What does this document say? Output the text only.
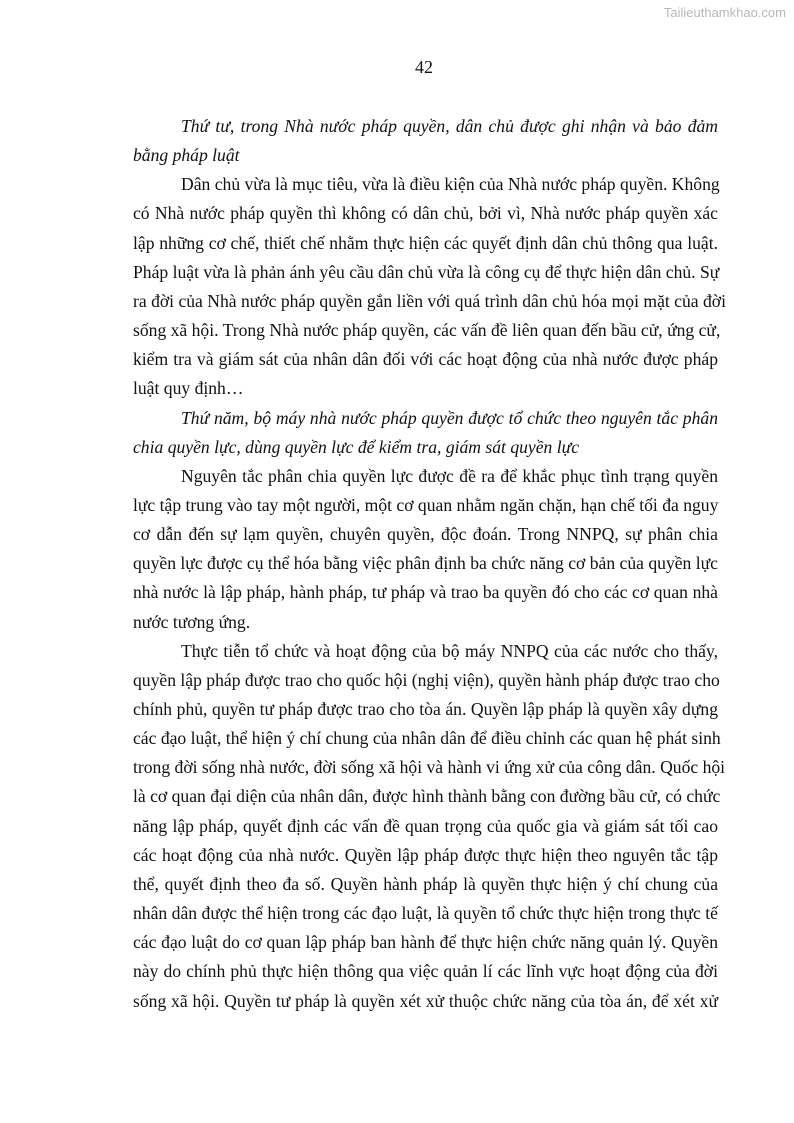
Tailieuthamkhao.com
42
Thứ tư, trong Nhà nước pháp quyền, dân chủ được ghi nhận và bảo đảm
bằng pháp luật
Dân chủ vừa là mục tiêu, vừa là điều kiện của Nhà nước pháp quyền. Không
có Nhà nước pháp quyền thì không có dân chủ, bởi vì, Nhà nước pháp quyền xác
lập những cơ chế, thiết chế nhằm thực hiện các quyết định dân chủ thông qua luật.
Pháp luật vừa là phản ánh yêu cầu dân chủ vừa là công cụ để thực hiện dân chủ. Sự
ra đời của Nhà nước pháp quyền gắn liền với quá trình dân chủ hóa mọi mặt của đời
sống xã hội. Trong Nhà nước pháp quyền, các vấn đề liên quan đến bầu cử, ứng cử,
kiểm tra và giám sát của nhân dân đối với các hoạt động của nhà nước được pháp
luật quy định…
Thứ năm, bộ máy nhà nước pháp quyền được tổ chức theo nguyên tắc phân
chia quyền lực, dùng quyền lực để kiểm tra, giám sát quyền lực
Nguyên tắc phân chia quyền lực được đề ra để khắc phục tình trạng quyền
lực tập trung vào tay một người, một cơ quan nhằm ngăn chặn, hạn chế tối đa nguy
cơ dẫn đến sự lạm quyền, chuyên quyền, độc đoán. Trong NNPQ, sự phân chia
quyền lực được cụ thể hóa bằng việc phân định ba chức năng cơ bản của quyền lực
nhà nước là lập pháp, hành pháp, tư pháp và trao ba quyền đó cho các cơ quan nhà
nước tương ứng.
Thực tiễn tổ chức và hoạt động của bộ máy NNPQ của các nước cho thấy,
quyền lập pháp được trao cho quốc hội (nghị viện), quyền hành pháp được trao cho
chính phủ, quyền tư pháp được trao cho tòa án. Quyền lập pháp là quyền xây dựng
các đạo luật, thể hiện ý chí chung của nhân dân để điều chỉnh các quan hệ phát sinh
trong đời sống nhà nước, đời sống xã hội và hành vi ứng xử của công dân. Quốc hội
là cơ quan đại diện của nhân dân, được hình thành bằng con đường bầu cử, có chức
năng lập pháp, quyết định các vấn đề quan trọng của quốc gia và giám sát tối cao
các hoạt động của nhà nước. Quyền lập pháp được thực hiện theo nguyên tắc tập
thể, quyết định theo đa số. Quyền hành pháp là quyền thực hiện ý chí chung của
nhân dân được thể hiện trong các đạo luật, là quyền tổ chức thực hiện trong thực tế
các đạo luật do cơ quan lập pháp ban hành để thực hiện chức năng quản lý. Quyền
này do chính phủ thực hiện thông qua việc quản lí các lĩnh vực hoạt động của đời
sống xã hội. Quyền tư pháp là quyền xét xử thuộc chức năng của tòa án, để xét xử
